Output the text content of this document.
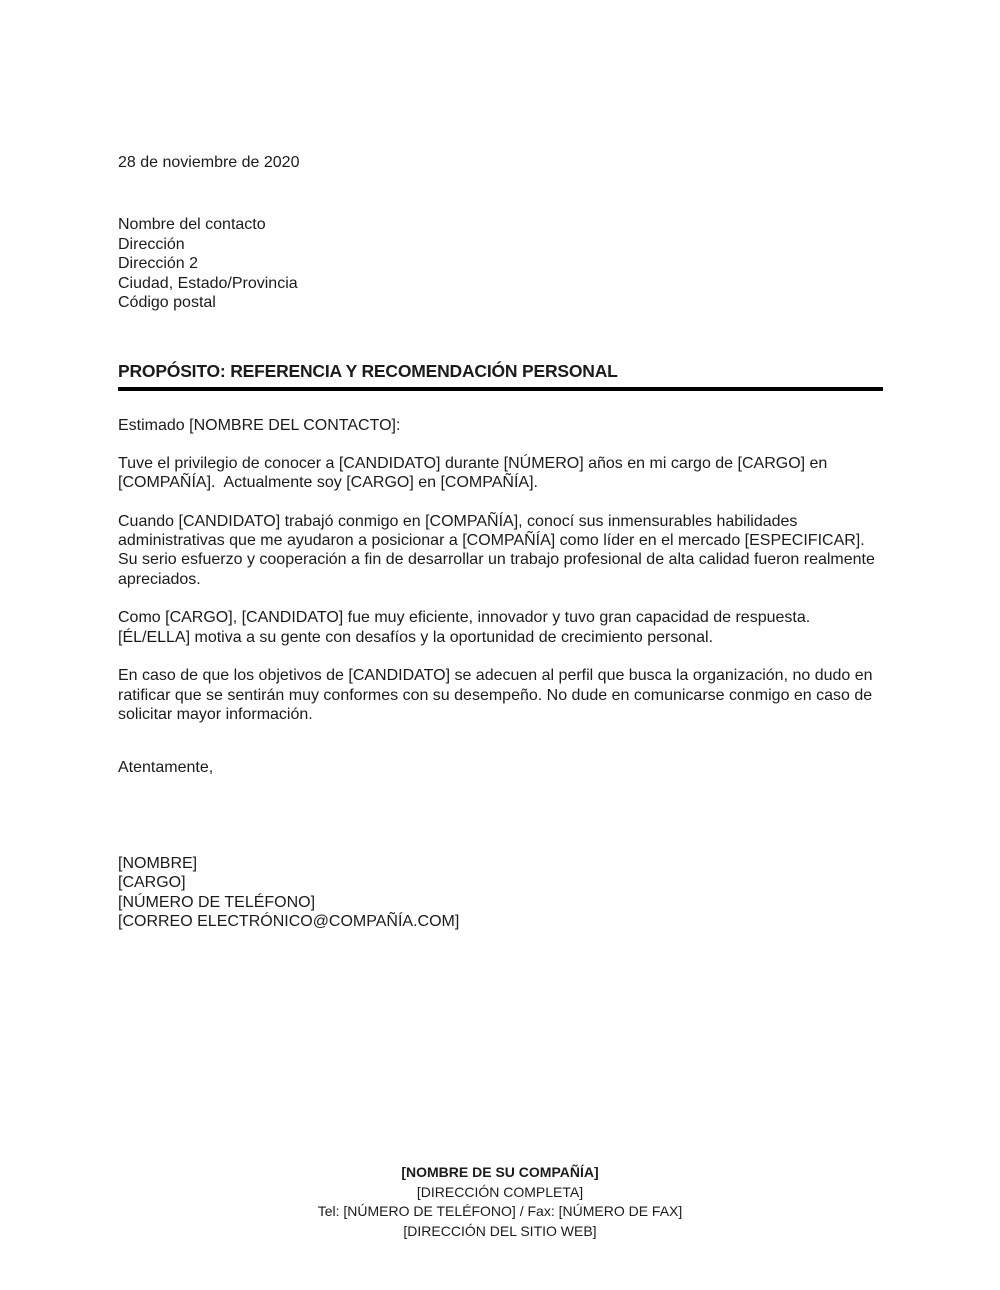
28 de noviembre de 2020
Nombre del contacto
Dirección
Dirección 2
Ciudad, Estado/Provincia
Código postal
PROPÓSITO: REFERENCIA Y RECOMENDACIÓN PERSONAL
Estimado [NOMBRE DEL CONTACTO]:

Tuve el privilegio de conocer a [CANDIDATO] durante [NÚMERO] años en mi cargo de [CARGO] en [COMPAÑÍA].  Actualmente soy [CARGO] en [COMPAÑÍA].

Cuando [CANDIDATO] trabajó conmigo en [COMPAÑÍA], conocí sus inmensurables habilidades administrativas que me ayudaron a posicionar a [COMPAÑÍA] como líder en el mercado [ESPECIFICAR]. Su serio esfuerzo y cooperación a fin de desarrollar un trabajo profesional de alta calidad fueron realmente apreciados.

Como [CARGO], [CANDIDATO] fue muy eficiente, innovador y tuvo gran capacidad de respuesta. [ÉL/ELLA] motiva a su gente con desafíos y la oportunidad de crecimiento personal.

En caso de que los objetivos de [CANDIDATO] se adecuen al perfil que busca la organización, no dudo en ratificar que se sentirán muy conformes con su desempeño. No dude en comunicarse conmigo en caso de solicitar mayor información.

Atentamente,
[NOMBRE]
[CARGO]
[NÚMERO DE TELÉFONO]
[CORREO ELECTRÓNICO@COMPAÑÍA.COM]
[NOMBRE DE SU COMPAÑÍA]
[DIRECCIÓN COMPLETA]
Tel: [NÚMERO DE TELÉFONO] / Fax: [NÚMERO DE FAX]
[DIRECCIÓN DEL SITIO WEB]
